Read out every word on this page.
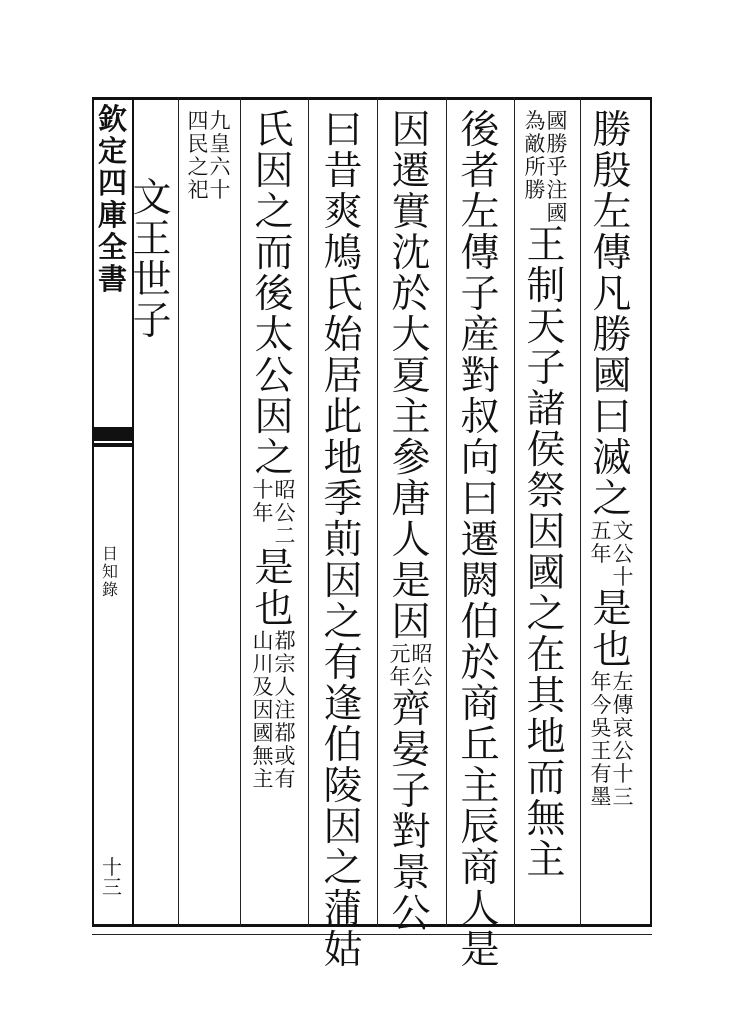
欽
定
四
庫
全
書
日
知
錄
十
三
勝
殷
左
傳
凡
勝
國
曰
滅
之
文
公
十
五
年
是
也
左
傳
哀
公
十
三
年
今
吳
王
有
墨
國
勝
乎
注
國
為
敵
所
勝
王
制
天
子
諸
侯
祭
因
國
之
在
其
地
而
無
主
後
者
左
傳
子
産
對
叔
向
曰
遷
閼
伯
於
商
丘
主
辰
商
人
是
因
遷
實
沈
於
大
夏
主
參
唐
人
是
因
昭
公
元
年
齊
晏
子
對
景
公
曰
昔
爽
鳩
氏
始
居
此
地
季
萴
因
之
有
逢
伯
陵
因
之
蒲
姑
氏
因
之
而
後
太
公
因
之
昭
公
二
十
年
是
也
鄀
宗
人
注
鄀
或
有
山
川
及
因
國
無
主
九
皇
六
十
四
民
之
祀
文
王
世
子
